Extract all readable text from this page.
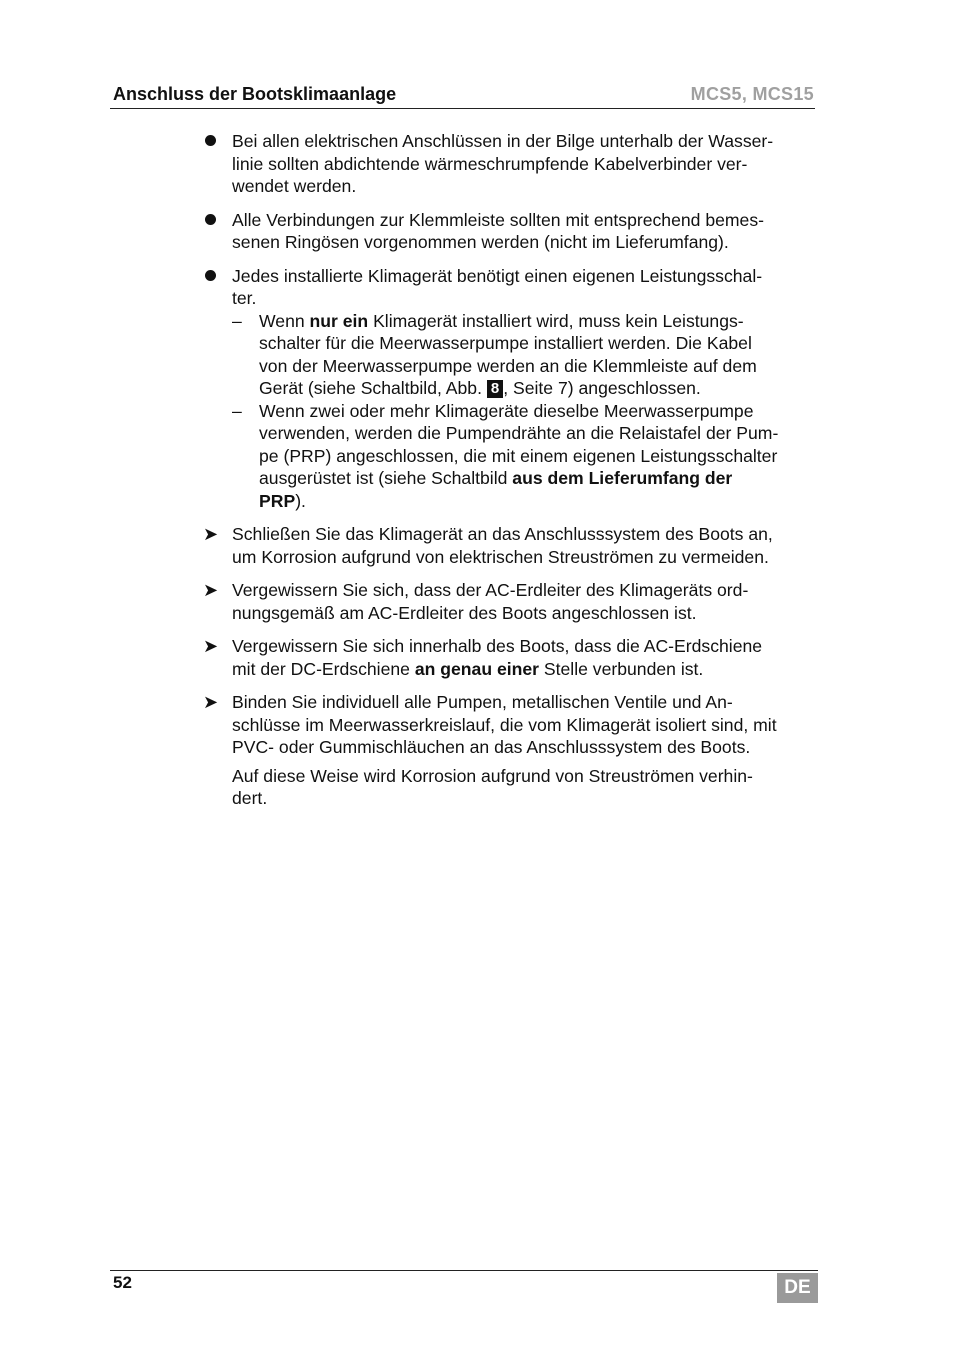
Anschluss der Bootsklimaanlage	MCS5, MCS15
Bei allen elektrischen Anschlüssen in der Bilge unterhalb der Wasser-
linie sollten abdichtende wärmeschrumpfende Kabelverbinder ver-
wendet werden.
Alle Verbindungen zur Klemmleiste sollten mit entsprechend bemes-
senen Ringösen vorgenommen werden (nicht im Lieferumfang).
Jedes installierte Klimagerät benötigt einen eigenen Leistungsschal-
ter.
– Wenn nur ein Klimagerät installiert wird, muss kein Leistungs-
schalter für die Meerwasserpumpe installiert werden. Die Kabel
von der Meerwasserpumpe werden an die Klemmleiste auf dem
Gerät (siehe Schaltbild, Abb. 8 , Seite 7) angeschlossen.
– Wenn zwei oder mehr Klimageräte dieselbe Meerwasserpumpe
verwenden, werden die Pumpendrähte an die Relaistafel der Pum-
pe (PRP) angeschlossen, die mit einem eigenen Leistungsschalter
ausgerüstet ist (siehe Schaltbild aus dem Lieferumfang der
PRP).
➤ Schließen Sie das Klimagerät an das Anschlusssystem des Boots an,
um Korrosion aufgrund von elektrischen Streuströmen zu vermeiden.
➤ Vergewissern Sie sich, dass der AC-Erdleiter des Klimageräts ord-
nungsgemäß am AC-Erdleiter des Boots angeschlossen ist.
➤ Vergewissern Sie sich innerhalb des Boots, dass die AC-Erdschiene
mit der DC-Erdschiene an genau einer Stelle verbunden ist.
➤ Binden Sie individuell alle Pumpen, metallischen Ventile und An-
schlüsse im Meerwasserkreislauf, die vom Klimagerät isoliert sind, mit
PVC- oder Gummischläuchen an das Anschlusssystem des Boots.
Auf diese Weise wird Korrosion aufgrund von Streuströmen verhin-
dert.
52	DE
